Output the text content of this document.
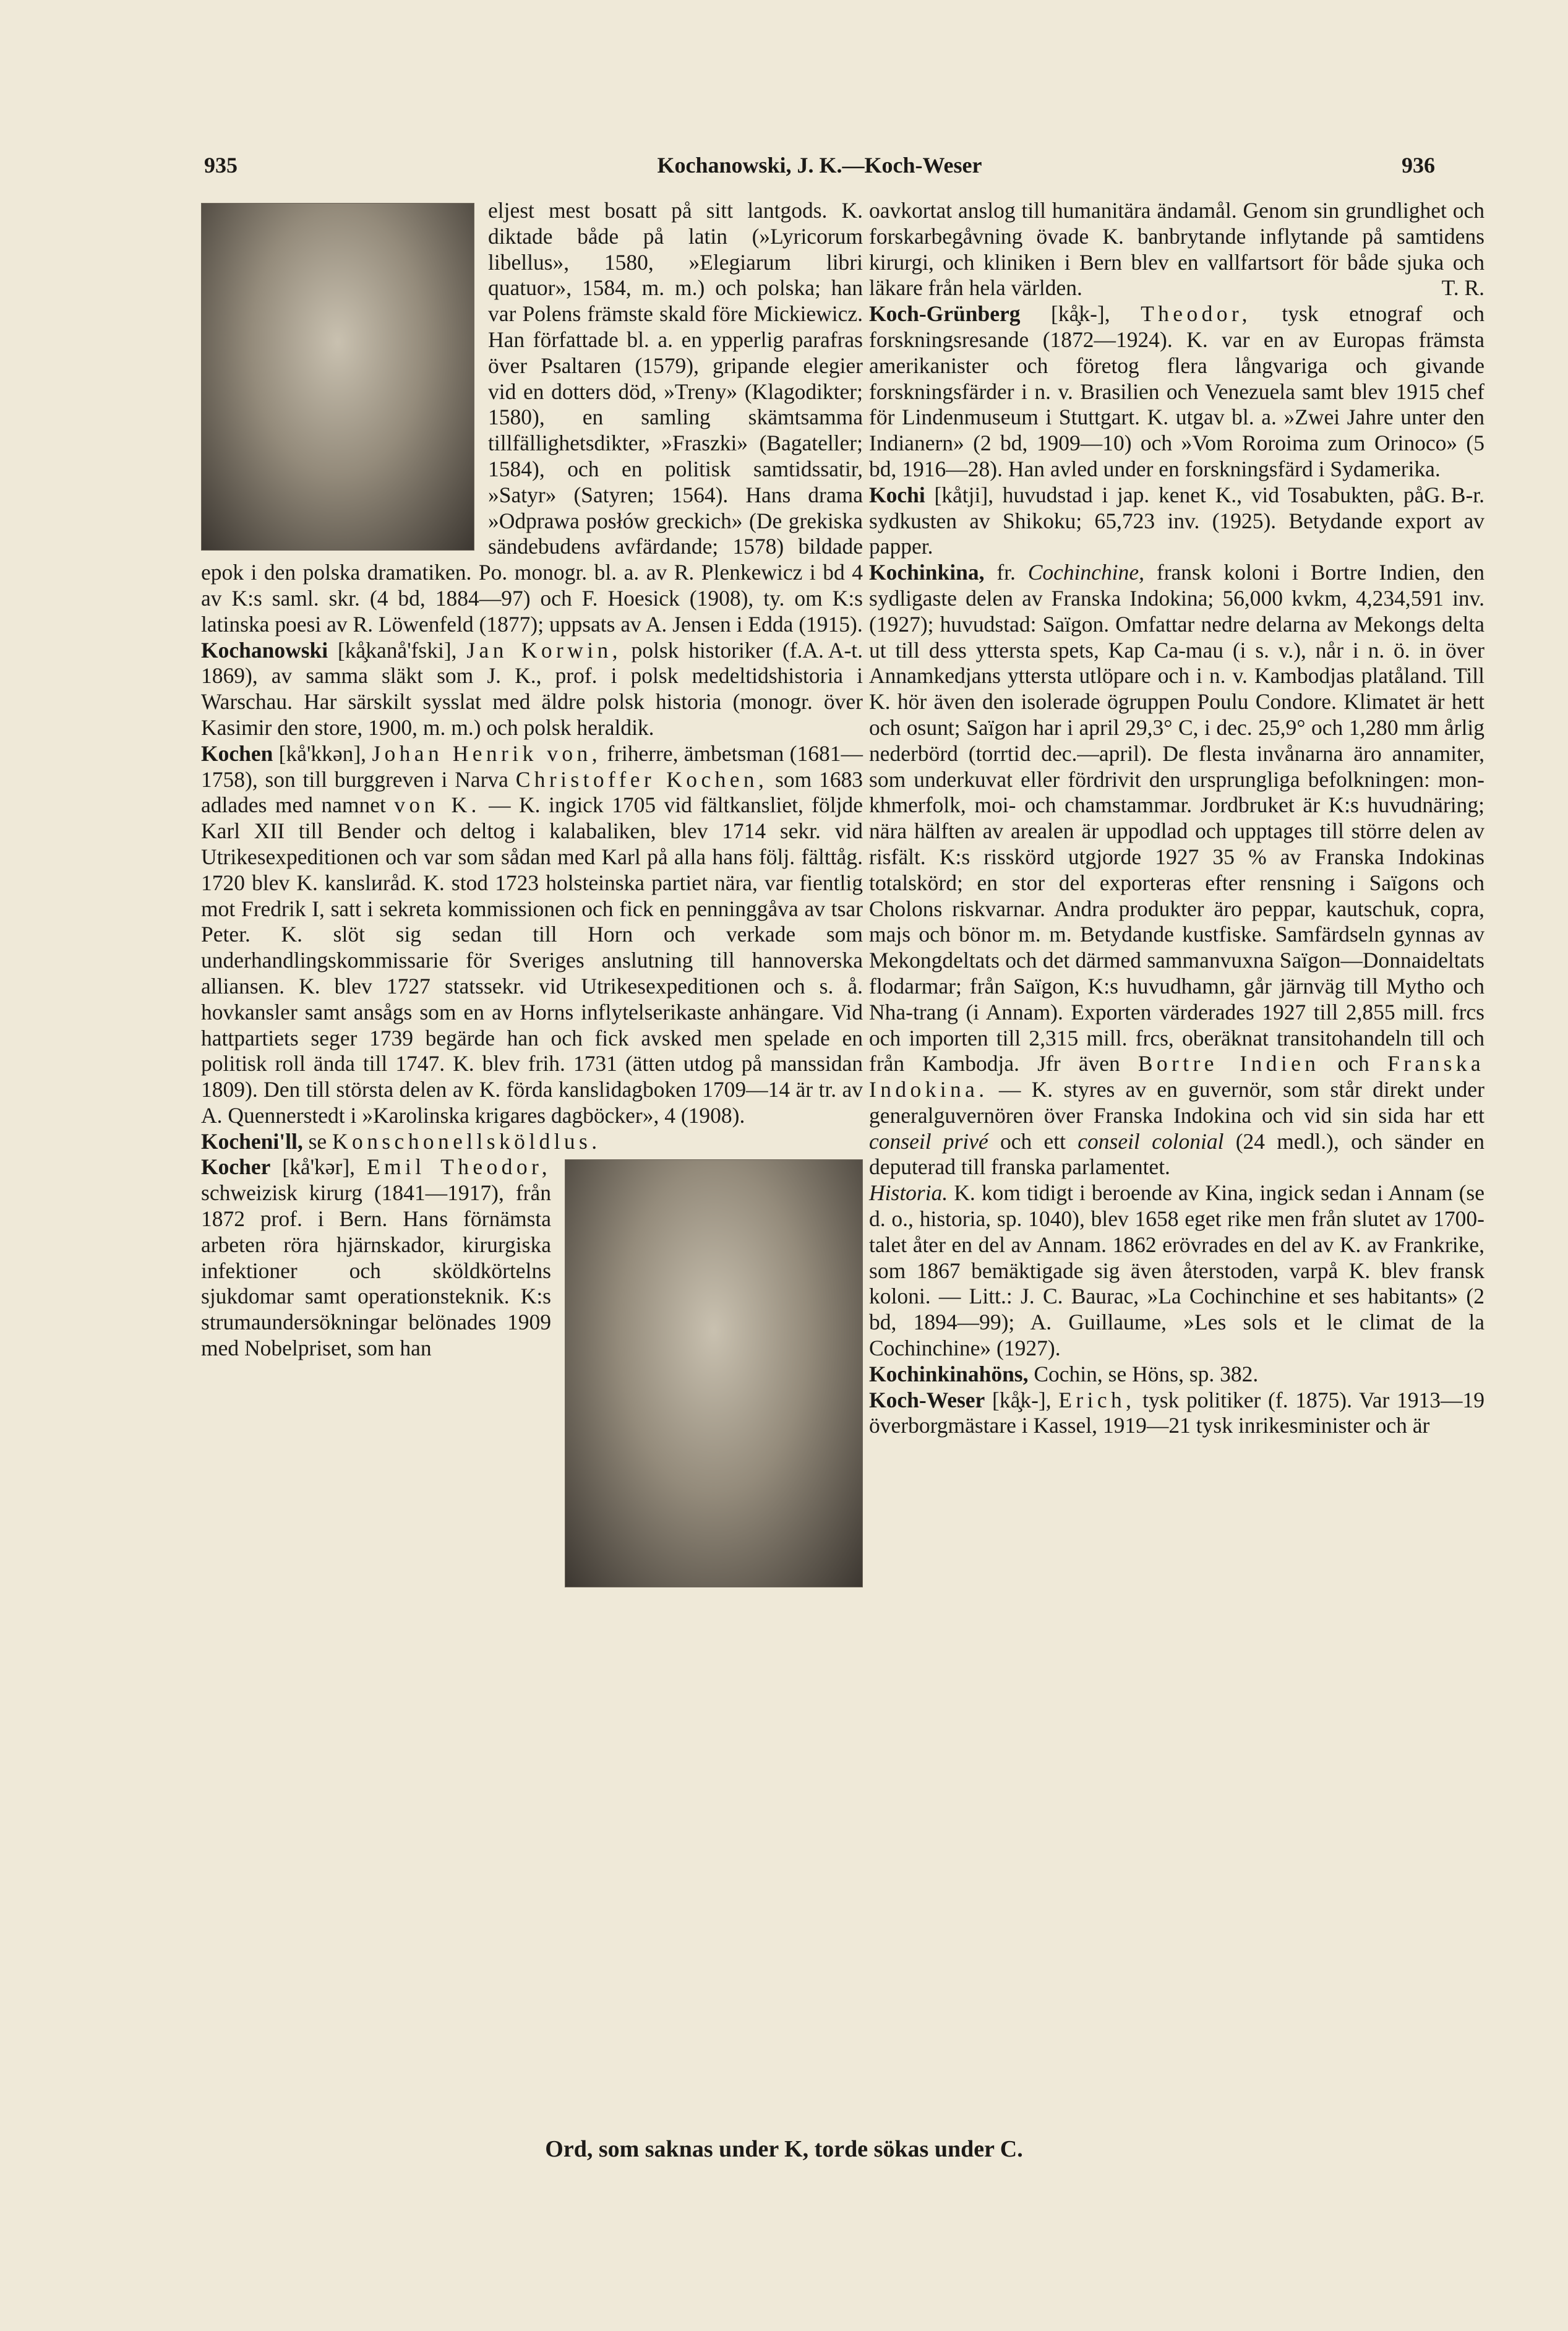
935	Kochanowski, J. K.—Koch-Weser	936

eljest mest bosatt på sitt lantgods. K. diktade både på latin (»Lyricorum libellus», 1580, »Elegiarum libri quatuor», 1584, m. m.) och polska; han var Polens främste skald före Mickiewicz. Han författade bl. a. en ypperlig parafras över Psaltaren (1579), gripande elegier vid en dotters död, »Treny» (Klagodikter; 1580), en samling skämtsamma tillfällighetsdikter, »Fraszki» (Bagateller; 1584), och en politisk samtidssatir, »Satyr» (Satyren; 1564). Hans drama »Odprawa posłów greckich» (De grekiska sändebudens avfärdande; 1578) bildade epok i den polska dramatiken. Po. monogr. bl. a. av R. Plenkewicz i bd 4 av K:s saml. skr. (4 bd, 1884—97) och F. Hoesick (1908), ty. om K:s latinska poesi av R. Löwenfeld (1877); uppsats av A. Jensen i Edda (1915).
A. A-t.

Kochanowski [kå̧kanå'fski], Jan Korwin, polsk historiker (f. 1869), av samma släkt som J. K., prof. i polsk medeltidshistoria i Warschau. Har särskilt sysslat med äldre polsk historia (monogr. över Kasimir den store, 1900, m. m.) och polsk heraldik.

Kochen [kå'kkən], Johan Henrik von, friherre, ämbetsman (1681—1758), son till burggreven i Narva Christoffer Kochen, som 1683 adlades med namnet von K. — K. ingick 1705 vid fältkansliet, följde Karl XII till Bender och deltog i kalabaliken, blev 1714 sekr. vid Utrikesexpeditionen och var som sådan med Karl på alla hans följ. fälttåg. 1720 blev K. kanslиråd. K. stod 1723 holsteinska partiet nära, var fientlig mot Fredrik I, satt i sekreta kommissionen och fick en penninggåva av tsar Peter. K. slöt sig sedan till Horn och verkade som underhandlingskommissarie för Sveriges anslutning till hannoverska alliansen. K. blev 1727 statssekr. vid Utrikesexpeditionen och s. å. hovkansler samt ansågs som en av Horns inflytelserikaste anhängare. Vid hattpartiets seger 1739 begärde han och fick avsked men spelade en politisk roll ända till 1747. K. blev frih. 1731 (ätten utdog på manssidan 1809). Den till största delen av K. förda kanslidagboken 1709—14 är tr. av A. Quennerstedt i »Karolinska krigares dagböcker», 4 (1908).

Kocheni'll, se Konschonellsköldlus.

Kocher [kå'kər], Emil Theodor, schweizisk kirurg (1841—1917), från 1872 prof. i Bern. Hans förnämsta arbeten röra hjärnskador, kirurgiska infektioner och sköldkörtelns sjukdomar samt operationsteknik. K:s strumaundersökningar belönades 1909 med Nobelpriset, som han

oavkortat anslog till humanitära ändamål. Genom sin grundlighet och forskarbegåvning övade K. banbrytande inflytande på samtidens kirurgi, och kliniken i Bern blev en vallfartsort för både sjuka och läkare från hela världen.	T. R.

Koch-Grünberg [kå̧k-], Theodor, tysk etnograf och forskningsresande (1872—1924). K. var en av Europas främsta amerikanister och företog flera långvariga och givande forskningsfärder i n. v. Brasilien och Venezuela samt blev 1915 chef för Lindenmuseum i Stuttgart. K. utgav bl. a. »Zwei Jahre unter den Indianern» (2 bd, 1909—10) och »Vom Roroima zum Orinoco» (5 bd, 1916—28). Han avled under en forskningsfärd i Sydamerika.
G. B-r.

Kochi [kåtji], huvudstad i jap. kenet K., vid Tosabukten, på sydkusten av Shikoku; 65,723 inv. (1925). Betydande export av papper.

Kochinkina, fr. Cochinchine, fransk koloni i Bortre Indien, den sydligaste delen av Franska Indokina; 56,000 kvkm, 4,234,591 inv. (1927); huvudstad: Saïgon. Omfattar nedre delarna av Mekongs delta ut till dess yttersta spets, Kap Ca-mau (i s. v.), når i n. ö. in över Annamkedjans yttersta utlöpare och i n. v. Kambodjas platåland. Till K. hör även den isolerade ögruppen Poulu Condore. Klimatet är hett och osunt; Saïgon har i april 29,3° C, i dec. 25,9° och 1,280 mm årlig nederbörd (torrtid dec.—april). De flesta invånarna äro annamiter, som underkuvat eller fördrivit den ursprungliga befolkningen: mon-khmerfolk, moi- och chamstammar. Jordbruket är K:s huvudnäring; nära hälften av arealen är uppodlad och upptages till större delen av risfält. K:s risskörd utgjorde 1927 35 % av Franska Indokinas totalskörd; en stor del exporteras efter rensning i Saïgons och Cholons riskvarnar. Andra produkter äro peppar, kautschuk, copra, majs och bönor m. m. Betydande kustfiske. Samfärdseln gynnas av Mekongdeltats och det därmed sammanvuxna Saïgon—Donnaideltats flodarmar; från Saïgon, K:s huvudhamn, går järnväg till Mytho och Nha-trang (i Annam). Exporten värderades 1927 till 2,855 mill. frcs och importen till 2,315 mill. frcs, oberäknat transitohandeln till och från Kambodja. Jfr även Bortre Indien och Franska Indokina. — K. styres av en guvernör, som står direkt under generalguvernören över Franska Indokina och vid sin sida har ett conseil privé och ett conseil colonial (24 medl.), och sänder en deputerad till franska parlamentet.

Historia. K. kom tidigt i beroende av Kina, ingick sedan i Annam (se d. o., historia, sp. 1040), blev 1658 eget rike men från slutet av 1700-talet åter en del av Annam. 1862 erövrades en del av K. av Frankrike, som 1867 bemäktigade sig även återstoden, varpå K. blev fransk koloni. — Litt.: J. C. Baurac, »La Cochinchine et ses habitants» (2 bd, 1894—99); A. Guillaume, »Les sols et le climat de la Cochinchine» (1927).

Kochinkinahöns, Cochin, se Höns, sp. 382.

Koch-Weser [kå̧k-], Erich, tysk politiker (f. 1875). Var 1913—19 överborgmästare i Kassel, 1919—21 tysk inrikesminister och är

Ord, som saknas under K, torde sökas under C.
